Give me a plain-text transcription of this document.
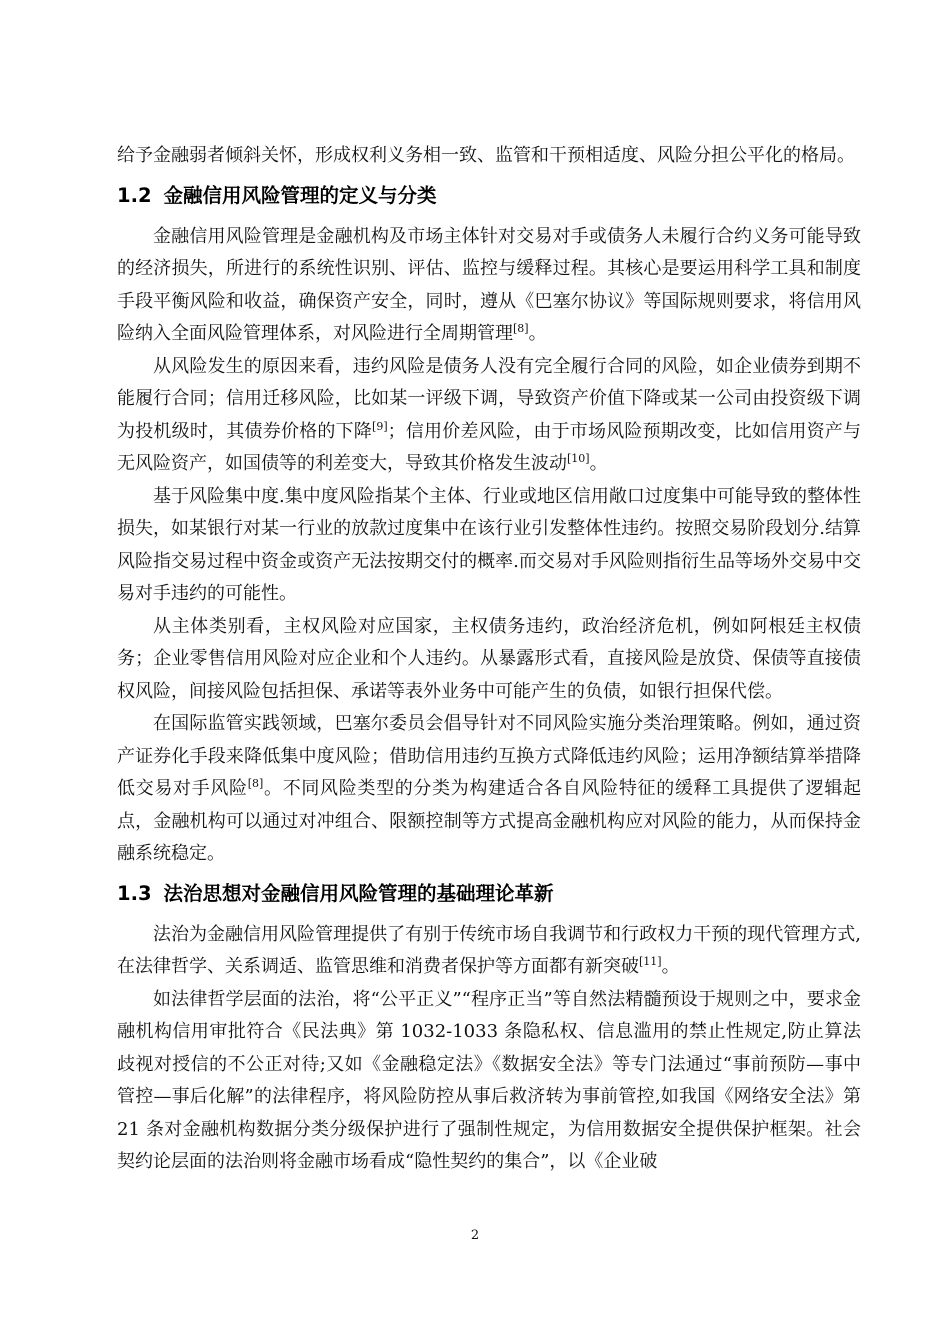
给予金融弱者倾斜关怀，形成权利义务相一致、监管和干预相适度、风险分担公平化的格局。

1.2 金融信用风险管理的定义与分类

金融信用风险管理是金融机构及市场主体针对交易对手或债务人未履行合约义务可能导致的经济损失，所进行的系统性识别、评估、监控与缓释过程。其核心是要运用科学工具和制度手段平衡风险和收益，确保资产安全，同时，遵从《巴塞尔协议》等国际规则要求，将信用风险纳入全面风险管理体系，对风险进行全周期管理[8]。

从风险发生的原因来看，违约风险是债务人没有完全履行合同的风险，如企业债券到期不能履行合同；信用迁移风险，比如某一评级下调，导致资产价值下降或某一公司由投资级下调为投机级时，其债券价格的下降[9]；信用价差风险，由于市场风险预期改变，比如信用资产与无风险资产，如国债等的利差变大，导致其价格发生波动[10]。

基于风险集中度.集中度风险指某个主体、行业或地区信用敞口过度集中可能导致的整体性损失，如某银行对某一行业的放款过度集中在该行业引发整体性违约。按照交易阶段划分.结算风险指交易过程中资金或资产无法按期交付的概率.而交易对手风险则指衍生品等场外交易中交易对手违约的可能性。

从主体类别看，主权风险对应国家，主权债务违约，政治经济危机，例如阿根廷主权债务；企业零售信用风险对应企业和个人违约。从暴露形式看，直接风险是放贷、保债等直接债权风险，间接风险包括担保、承诺等表外业务中可能产生的负债，如银行担保代偿。

在国际监管实践领域，巴塞尔委员会倡导针对不同风险实施分类治理策略。例如，通过资产证券化手段来降低集中度风险；借助信用违约互换方式降低违约风险；运用净额结算举措降低交易对手风险[8]。不同风险类型的分类为构建适合各自风险特征的缓释工具提供了逻辑起点，金融机构可以通过对冲组合、限额控制等方式提高金融机构应对风险的能力，从而保持金融系统稳定。

1.3 法治思想对金融信用风险管理的基础理论革新

法治为金融信用风险管理提供了有别于传统市场自我调节和行政权力干预的现代管理方式,在法律哲学、关系调适、监管思维和消费者保护等方面都有新突破[11]。

如法律哲学层面的法治，将“公平正义”“程序正当”等自然法精髓预设于规则之中，要求金融机构信用审批符合《民法典》第 1032-1033 条隐私权、信息滥用的禁止性规定,防止算法歧视对授信的不公正对待;又如《金融稳定法》《数据安全法》等专门法通过“事前预防—事中管控—事后化解”的法律程序，将风险防控从事后救济转为事前管控,如我国《网络安全法》第 21 条对金融机构数据分类分级保护进行了强制性规定，为信用数据安全提供保护框架。社会契约论层面的法治则将金融市场看成“隐性契约的集合”，以《企业破

2
